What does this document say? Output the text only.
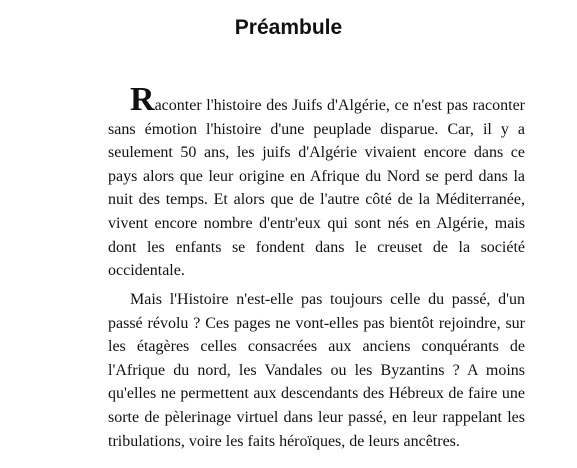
Préambule

Raconter l'histoire des Juifs d'Algérie, ce n'est pas raconter sans émotion l'histoire d'une peuplade disparue. Car, il y a seulement 50 ans, les juifs d'Algérie vivaient encore dans ce pays alors que leur origine en Afrique du Nord se perd dans la nuit des temps. Et alors que de l'autre côté de la Méditerranée, vivent encore nombre d'entr'eux qui sont nés en Algérie, mais dont les enfants se fondent dans le creuset de la société occidentale.

Mais l'Histoire n'est-elle pas toujours celle du passé, d'un passé révolu ? Ces pages ne vont-elles pas bientôt rejoindre, sur les étagères celles consacrées aux anciens conquérants de l'Afrique du nord, les Vandales ou les Byzantins ? A moins qu'elles ne permettent aux descendants des Hébreux de faire une sorte de pèlerinage virtuel dans leur passé, en leur rappelant les tribulations, voire les faits héroïques, de leurs ancêtres.
